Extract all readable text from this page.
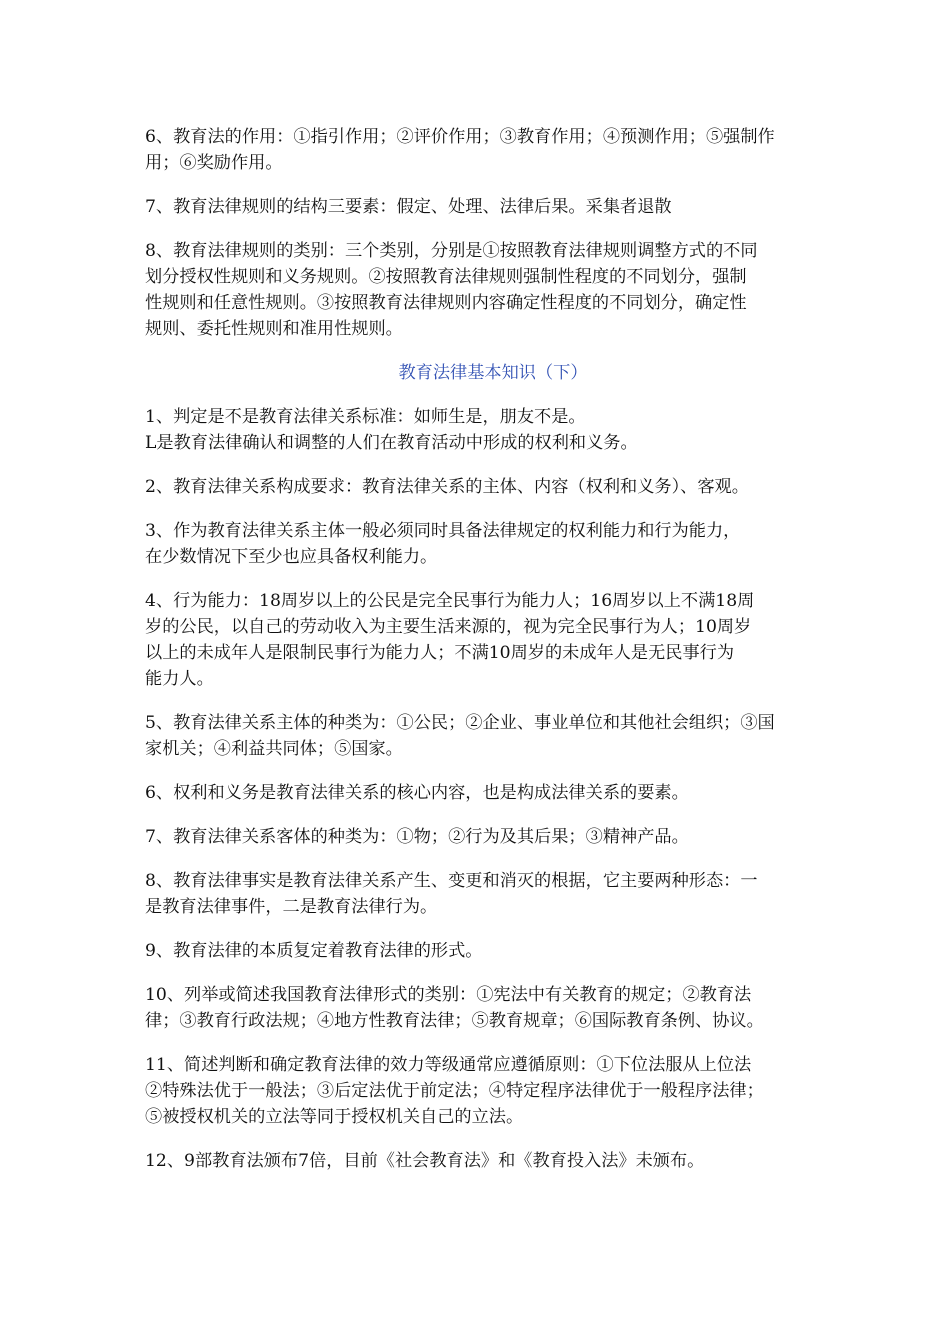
6、教育法的作用：①指引作用；②评价作用；③教育作用；④预测作用；⑤强制作
用；⑥奖励作用。
7、教育法律规则的结构三要素：假定、处理、法律后果。采集者退散
8、教育法律规则的类别：三个类别，分别是①按照教育法律规则调整方式的不同
划分授权性规则和义务规则。②按照教育法律规则强制性程度的不同划分，强制
性规则和任意性规则。③按照教育法律规则内容确定性程度的不同划分，确定性
规则、委托性规则和准用性规则。
教育法律基本知识（下）
1、判定是不是教育法律关系标准：如师生是，朋友不是。
L是教育法律确认和调整的人们在教育活动中形成的权利和义务。
2、教育法律关系构成要求：教育法律关系的主体、内容（权利和义务）、客观。
3、作为教育法律关系主体一般必须同时具备法律规定的权利能力和行为能力，
在少数情况下至少也应具备权利能力。
4、行为能力：18周岁以上的公民是完全民事行为能力人；16周岁以上不满18周
岁的公民，以自己的劳动收入为主要生活来源的，视为完全民事行为人；10周岁
以上的未成年人是限制民事行为能力人；不满10周岁的未成年人是无民事行为
能力人。
5、教育法律关系主体的种类为：①公民；②企业、事业单位和其他社会组织；③国
家机关；④利益共同体；⑤国家。
6、权利和义务是教育法律关系的核心内容，也是构成法律关系的要素。
7、教育法律关系客体的种类为：①物；②行为及其后果；③精神产品。
8、教育法律事实是教育法律关系产生、变更和消灭的根据，它主要两种形态：一
是教育法律事件，二是教育法律行为。
9、教育法律的本质复定着教育法律的形式。
10、列举或简述我国教育法律形式的类别：①宪法中有关教育的规定；②教育法
律；③教育行政法规；④地方性教育法律；⑤教育规章；⑥国际教育条例、协议。
11、简述判断和确定教育法律的效力等级通常应遵循原则：①下位法服从上位法
②特殊法优于一般法；③后定法优于前定法；④特定程序法律优于一般程序法律；
⑤被授权机关的立法等同于授权机关自己的立法。
12、9部教育法颁布7倍，目前《社会教育法》和《教育投入法》未颁布。
